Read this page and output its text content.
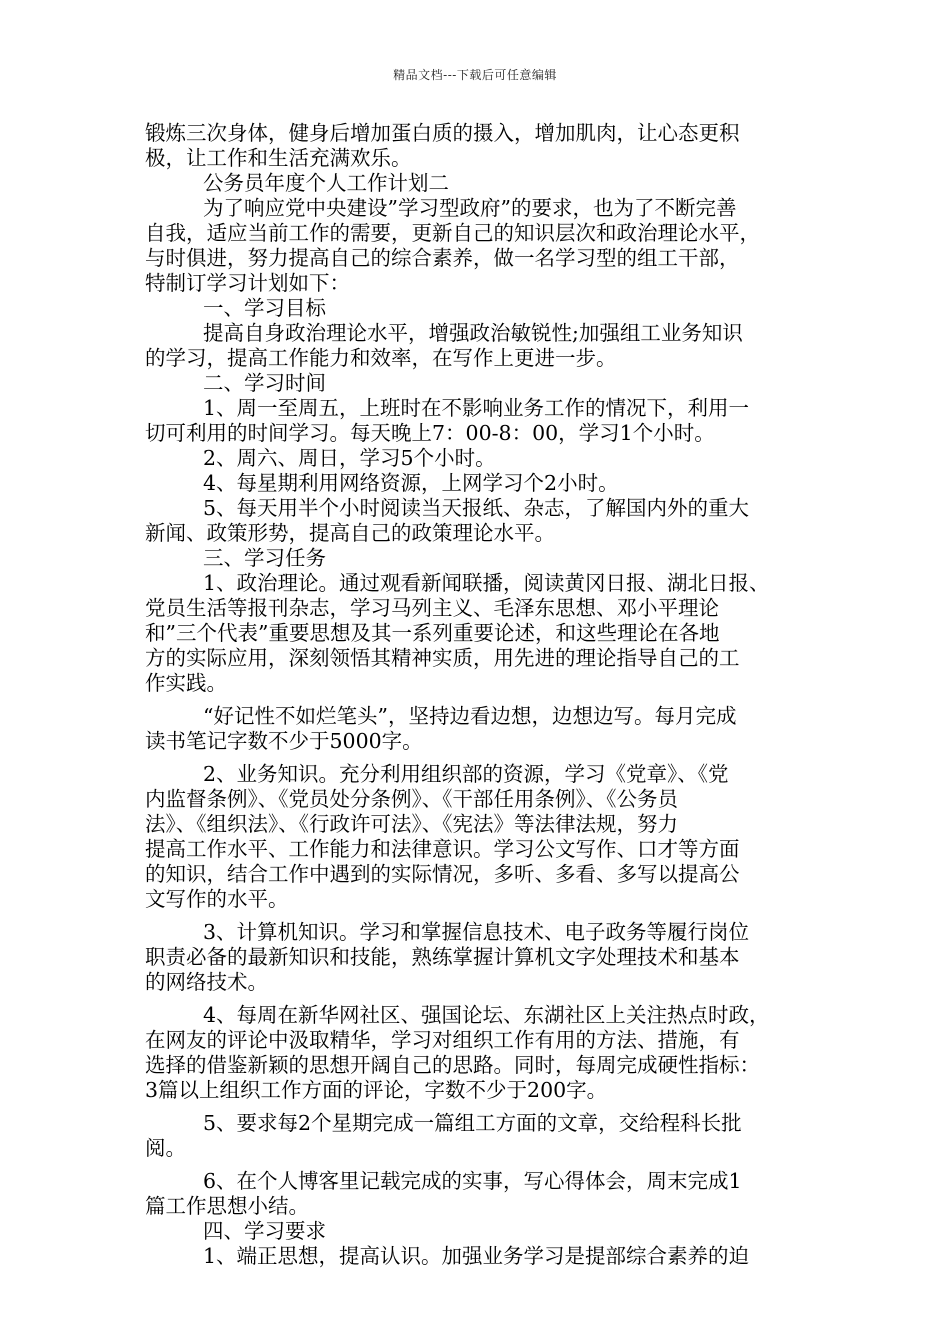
精品文档---下载后可任意编辑

锻炼三次身体，健身后增加蛋白质的摄入，增加肌肉，让心态更积
极，让工作和生活充满欢乐。

公务员年度个人工作计划二

为了响应党中央建设”学习型政府”的要求，也为了不断完善

自我，适应当前工作的需要，更新自己的知识层次和政治理论水平，
与时俱进，努力提高自己的综合素养，做一名学习型的组工干部，
特制订学习计划如下：

一、学习目标

提高自身政治理论水平，增强政治敏锐性;加强组工业务知识

的学习，提高工作能力和效率，在写作上更进一步。

二、学习时间

1、周一至周五，上班时在不影响业务工作的情况下，利用一

切可利用的时间学习。每天晚上7：00-8：00，学习1个小时。

2、周六、周日，学习5个小时。

4、每星期利用网络资源，上网学习个2小时。

5、每天用半个小时阅读当天报纸、杂志，了解国内外的重大

新闻、政策形势，提高自己的政策理论水平。

三、学习任务

1、政治理论。通过观看新闻联播，阅读黄冈日报、湖北日报、

党员生活等报刊杂志，学习马列主义、毛泽东思想、邓小平理论
和”三个代表”重要思想及其一系列重要论述，和这些理论在各地
方的实际应用，深刻领悟其精神实质，用先进的理论指导自己的工
作实践。

“好记性不如烂笔头”，坚持边看边想，边想边写。每月完成

读书笔记字数不少于5000字。

2、业务知识。充分利用组织部的资源，学习《党章》、《党

内监督条例》、《党员处分条例》、《干部任用条例》、《公务员
法》、《组织法》、《行政许可法》、《宪法》等法律法规，努力
提高工作水平、工作能力和法律意识。学习公文写作、口才等方面
的知识，结合工作中遇到的实际情况，多听、多看、多写以提高公
文写作的水平。

3、计算机知识。学习和掌握信息技术、电子政务等履行岗位

职责必备的最新知识和技能，熟练掌握计算机文字处理技术和基本
的网络技术。

4、每周在新华网社区、强国论坛、东湖社区上关注热点时政，

在网友的评论中汲取精华，学习对组织工作有用的方法、措施，有
选择的借鉴新颖的思想开阔自己的思路。同时，每周完成硬性指标：
3篇以上组织工作方面的评论，字数不少于200字。

5、要求每2个星期完成一篇组工方面的文章，交给程科长批

阅。

6、在个人博客里记载完成的实事，写心得体会，周末完成1

篇工作思想小结。

四、学习要求

1、端正思想，提高认识。加强业务学习是提部综合素养的迫
